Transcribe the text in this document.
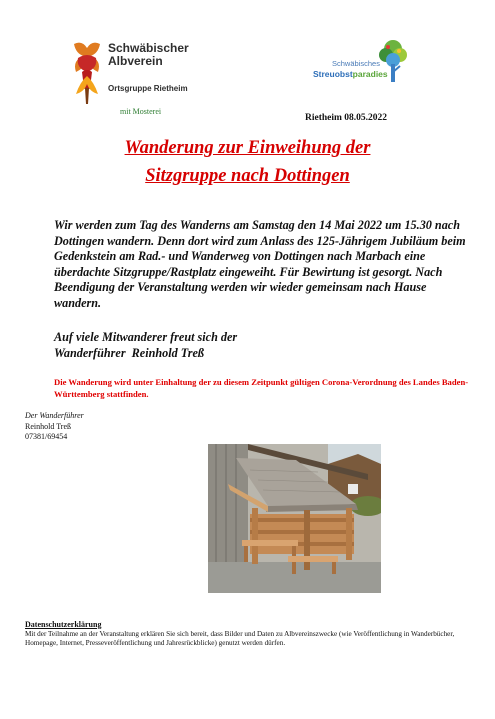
Schwäbischer
Albverein
Ortsgruppe Rietheim
mit Mosterei
Schwäbisches
Streuobstparadies
Rietheim 08.05.2022
Wanderung zur Einweihung der
Sitzgruppe nach Dottingen
Wir werden zum Tag des Wanderns am Samstag den 14 Mai 2022 um 15.30 nach Dottingen wandern. Denn dort wird zum Anlass des 125-Jährigem Jubiläum beim Gedenkstein am Rad.- und Wanderweg von Dottingen nach Marbach eine überdachte Sitzgruppe/Rastplatz eingeweiht. Für Bewirtung ist gesorgt. Nach Beendigung der Veranstaltung werden wir wieder gemeinsam nach Hause wandern.
Auf viele Mitwanderer freut sich der
Wanderführer  Reinhold Treß
Die Wanderung wird unter Einhaltung der zu diesem Zeitpunkt gültigen Corona-Verordnung des Landes Baden-Württemberg stattfinden.
Der Wanderführer
Reinhold Treß
07381/69454
Datenschutzerklärung
Mit der Teilnahme an der Veranstaltung erklären Sie sich bereit, dass Bilder und Daten zu Albvereinszwecke (wie Veröffentlichung in Wanderbücher, Homepage, Internet, Presseveröffentlichung und Jahresrückblicke) genutzt werden dürfen.
